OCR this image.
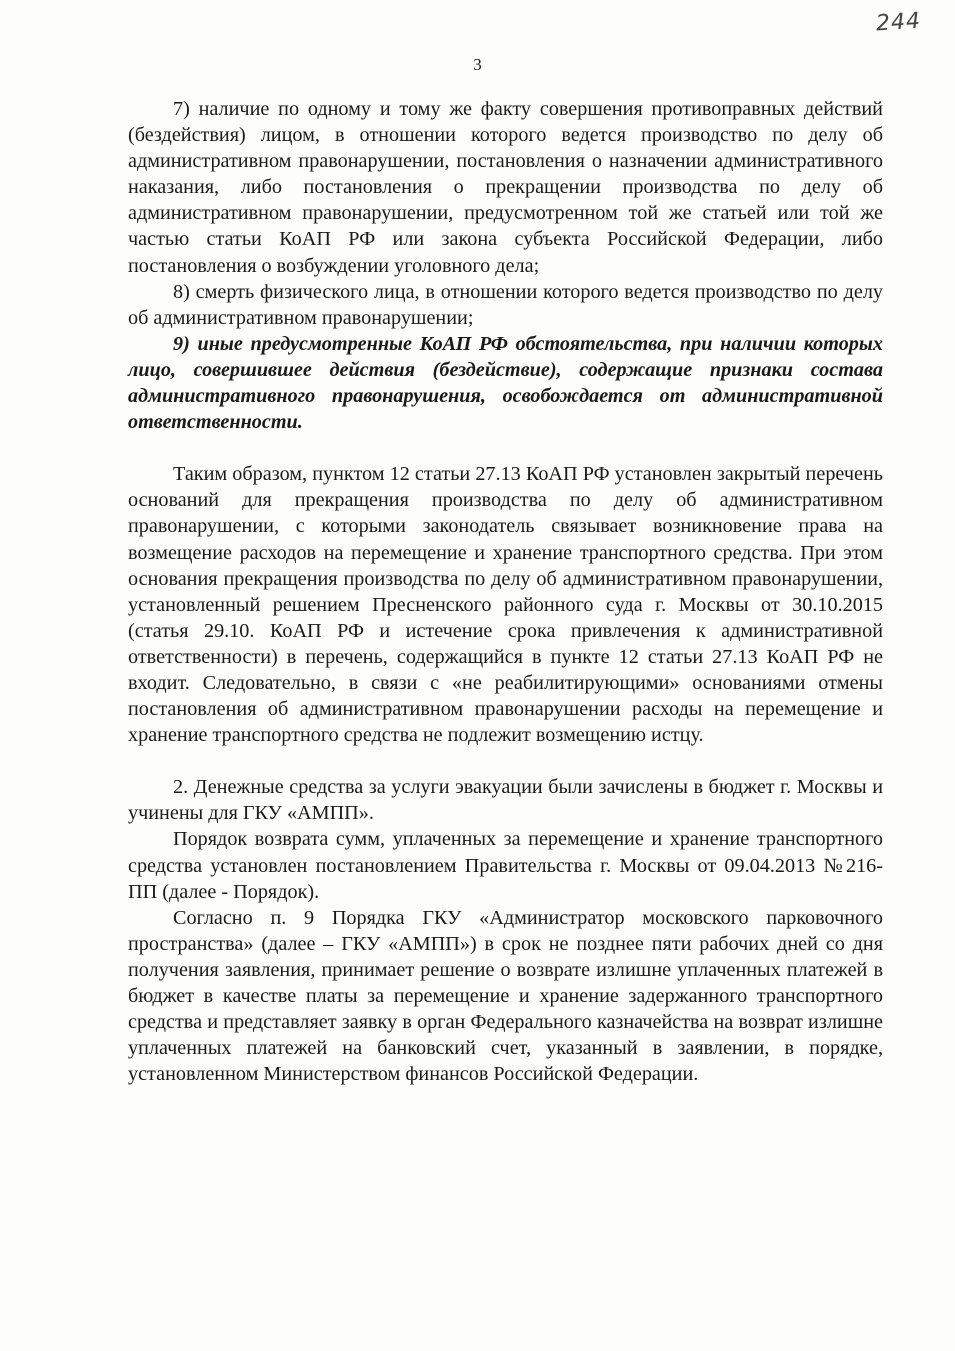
244
3

7) наличие по одному и тому же факту совершения противоправных действий (бездействия) лицом, в отношении которого ведется производство по делу об административном правонарушении, постановления о назначении административного наказания, либо постановления о прекращении производства по делу об административном правонарушении, предусмотренном той же статьей или той же частью статьи КоАП РФ или закона субъекта Российской Федерации, либо постановления о возбуждении уголовного дела;

8) смерть физического лица, в отношении которого ведется производство по делу об административном правонарушении;

9) иные предусмотренные КоАП РФ обстоятельства, при наличии которых лицо, совершившее действия (бездействие), содержащие признаки состава административного правонарушения, освобождается от административной ответственности.

Таким образом, пунктом 12 статьи 27.13 КоАП РФ установлен закрытый перечень оснований для прекращения производства по делу об административном правонарушении, с которыми законодатель связывает возникновение права на возмещение расходов на перемещение и хранение транспортного средства. При этом основания прекращения производства по делу об административном правонарушении, установленный решением Пресненского районного суда г. Москвы от 30.10.2015 (статья 29.10. КоАП РФ и истечение срока привлечения к административной ответственности) в перечень, содержащийся в пункте 12 статьи 27.13 КоАП РФ не входит. Следовательно, в связи с «не реабилитирующими» основаниями отмены постановления об административном правонарушении расходы на перемещение и хранение транспортного средства не подлежит возмещению истцу.

2. Денежные средства за услуги эвакуации были зачислены в бюджет г. Москвы и учинены для ГКУ «АМПП».

Порядок возврата сумм, уплаченных за перемещение и хранение транспортного средства установлен постановлением Правительства г. Москвы от 09.04.2013 №216-ПП (далее - Порядок).

Согласно п. 9 Порядка ГКУ «Администратор московского парковочного пространства» (далее – ГКУ «АМПП») в срок не позднее пяти рабочих дней со дня получения заявления, принимает решение о возврате излишне уплаченных платежей в бюджет в качестве платы за перемещение и хранение задержанного транспортного средства и представляет заявку в орган Федерального казначейства на возврат излишне уплаченных платежей на банковский счет, указанный в заявлении, в порядке, установленном Министерством финансов Российской Федерации.
